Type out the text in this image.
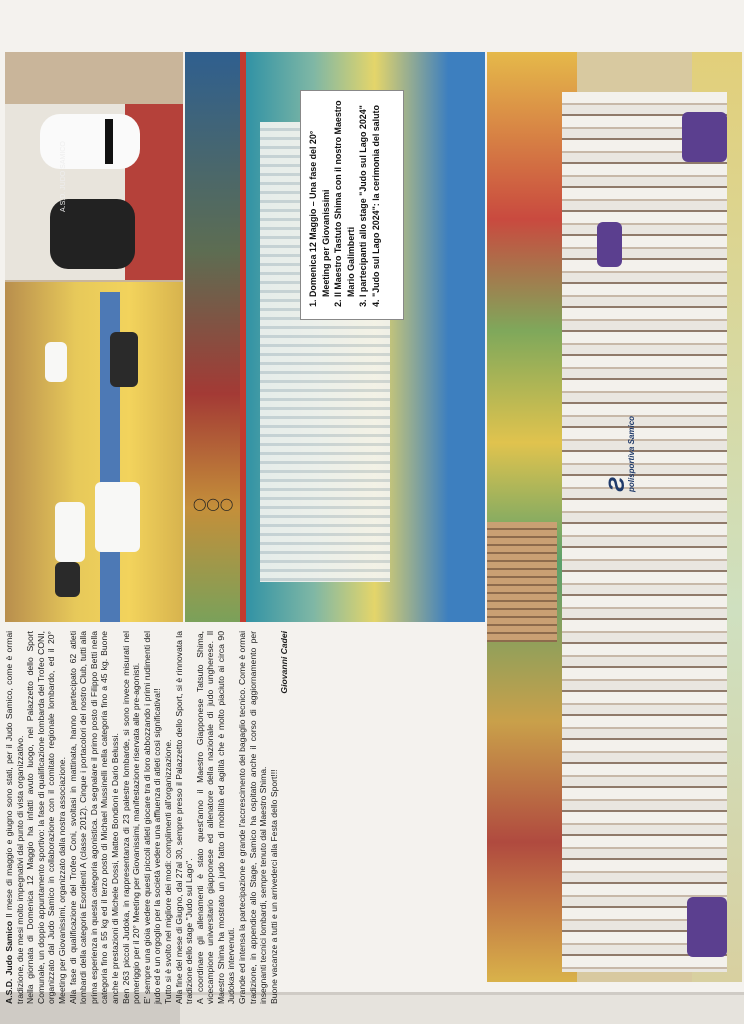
A.S.D. Judo Samico Il mese di maggio e giugno sono stati, per il Judo Samico, come è ormai tradizione, due mesi molto impegnativi dal punto di vista organizzativo. Nella giornata di Domenica 12 Maggio ha infatti avuto luogo, nel Palazzetto dello Sport Comunale, un doppio appuntamento sportivo: la fase di qualificazione lombarda del Trofeo CONI, organizzato dal Judo Samico in collaborazione con il comitato regionale lombardo, ed il 20° Meeting per Giovanissimi, organizzato dalla nostra associazione. Alla fase di qualificazione del Trofeo Coni, svoltasi in mattinata, hanno partecipato 62 atleti lombardi della categoria Esordienti A (classe 2012). Cinque i portacolori del nostro Club, tutti alla prima esperienza in questa categoria agonistica. Da segnalare il primo posto di Filippo Betti nella categoria fino a 55 kg ed il terzo posto di Michael Mussinelli nella categoria fino a 45 kg. Buone anche le prestazioni di Michele Dossi, Matteo Bondioni e Dario Belussi. Ben 263 piccoli Judoka, in rappresentanza di 23 palestre lombarde, si sono invece misurati nel pomeriggio per il 20° Meeting per Giovanissimi, manifestazione riservata alle pre-agonisti. E' sempre una gioia vedere questi piccoli atleti giocare tra di loro abbozzando i primi rudimenti del judo ed è un orgoglio per la società vedere una affluenza di atleti così significativa!! Tutto si è svolto nel migliore dei modi: complimenti all'organizzazione. Alla fine del mese di Giugno, dal 27al 30, sempre presso il Palazzetto dello Sport, si è rinnovata la tradizione dello stage "Judo sul Lago". A coordinare gli allenamenti è stato quest'anno il Maestro Giapponese Tatsuto Shima, vicecampione universitario giapponese ed allenatore della nazionale di judo ungherese. Il Maestro Shima ha mostrato un judo fatto di mobilità ed agilità che è molto piaciuto ai circa 90 Judokas intervenuti. Grande ed intensa la partecipazione e grande l'accrescimento del bagaglio tecnico. Come è ormai tradizione, in appendice allo Stage, Samico ha ospitato anche il corso di aggiornamento per insegnanti tecnici lombardi, sempre tenuto dal Maestro Shima. Buone vacanze a tutti e un arrivederci alla Festa dello Sport!!!

Giovanni Cadei

A.S.D. JUDO SAMICO
◯◯◯
Ƨ
polisportiva Samico
1. Domenica 12 Maggio – Una fase del 20° Meeting per Giovanissimi 2. Il Maestro Tastuto Shima con il nostro Maestro Mario Galimberti 3. I partecipanti allo stage "Judo sul Lago 2024" 4. "Judo sul Lago 2024": la cerimonia del saluto
